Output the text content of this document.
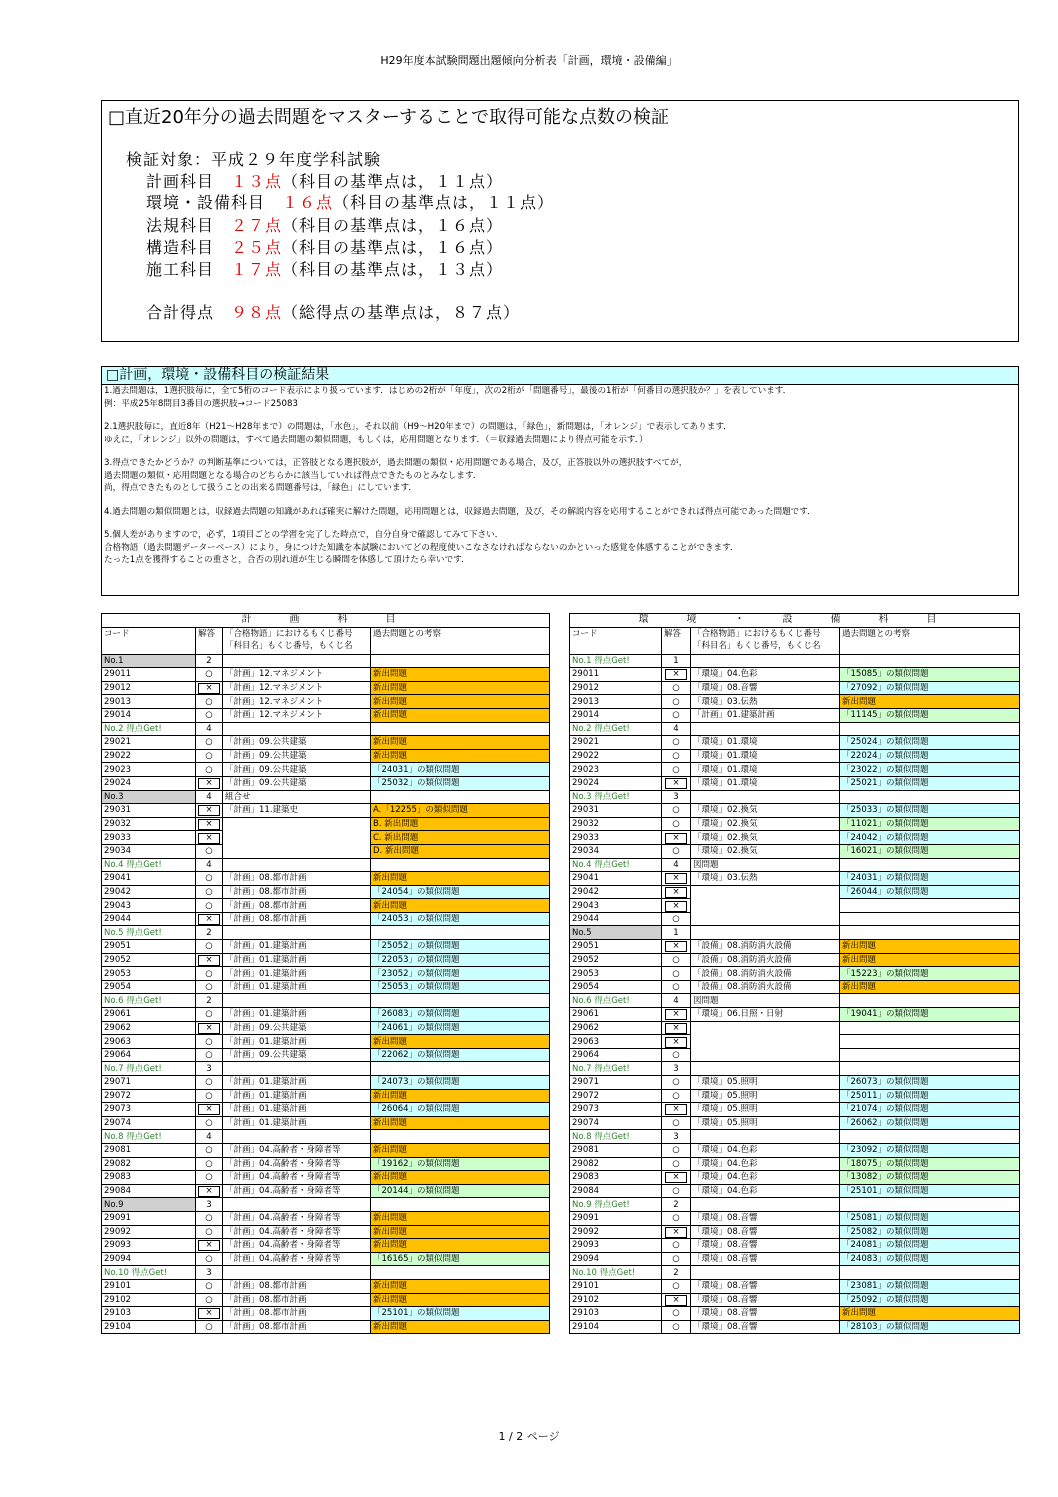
H29年度本試験問題出題傾向分析表「計画，環境・設備編」
□直近20年分の過去問題をマスターすることで取得可能な点数の検証
検証対象：平成２９年度学科試験
計画科目　 １３点（科目の基準点は，１１点）
環境・設備科目　 １６点（科目の基準点は，１１点）
法規科目　 ２７点（科目の基準点は，１６点）
構造科目　 ２５点（科目の基準点は，１６点）
施工科目　 １７点（科目の基準点は，１３点）
合計得点　 ９８点（総得点の基準点は，８７点）
□計画，環境・設備科目の検証結果
1.過去問題は，1選択肢毎に，全て5桁のコード表示により扱っています．はじめの2桁が「年度」，次の2桁が「問題番号」，最後の1桁が「何番目の選択肢か？」を表しています．
例：平成25年8問目3番目の選択肢→コード25083
2.1選択肢毎に，直近8年（H21～H28年まで）の問題は，「水色」，それ以前（H9～H20年まで）の問題は，「緑色」，新問題は，「オレンジ」で表示してあります．
ゆえに，「オレンジ」以外の問題は，すべて過去問題の類似問題，もしくは，応用問題となります．（＝収録過去問題により得点可能を示す．）
3.得点できたかどうか？の判断基準については，正答肢となる選択肢が，過去問題の類似・応用問題である場合，及び，正答肢以外の選択肢すべてが，
過去問題の類似・応用問題となる場合のどちらかに該当していれば得点できたものとみなします．
尚，得点できたものとして扱うことの出来る問題番号は，「緑色」にしています．
4.過去問題の類似問題とは，収録過去問題の知識があれば確実に解けた問題，応用問題とは，収録過去問題，及び，その解説内容を応用することができれば得点可能であった問題です．
5.個人差がありますので，必ず，1項目ごとの学習を完了した時点で，自分自身で確認してみて下さい．
合格物語（過去問題データーベース）により，身につけた知識を本試験においてどの程度使いこなさなければならないのかといった感覚を体感することができます．
たった1点を獲得することの重さと，合否の別れ道が生じる瞬間を体感して頂けたら幸いです．
計　画　科　目			
コード	解答	「合格物語」におけるもくじ番号
「科目名」もくじ番号，もくじ名	過去問題との考察
No.1	2		
29011	○	「計画」12.マネジメント	新出問題
29012	×	「計画」12.マネジメント	新出問題
29013	○	「計画」12.マネジメント	新出問題
29014	○	「計画」12.マネジメント	新出問題
No.2 得点Get!	4		
29021	○	「計画」09.公共建築	新出問題
29022	○	「計画」09.公共建築	新出問題
29023	○	「計画」09.公共建築	「24031」の類似問題
29024	×	「計画」09.公共建築	「25032」の類似問題
No.3	4	組合せ	
29031	×	「計画」11.建築史	A.「12255」の類似問題
29032	×		B. 新出問題
29033	×		C. 新出問題
29034	○		D. 新出問題
No.4 得点Get!	4		
29041	○	「計画」08.都市計画	新出問題
29042	○	「計画」08.都市計画	「24054」の類似問題
29043	○	「計画」08.都市計画	新出問題
29044	×	「計画」08.都市計画	「24053」の類似問題
No.5 得点Get!	2		
29051	○	「計画」01.建築計画	「25052」の類似問題
29052	×	「計画」01.建築計画	「22053」の類似問題
29053	○	「計画」01.建築計画	「23052」の類似問題
29054	○	「計画」01.建築計画	「25053」の類似問題
No.6 得点Get!	2		
29061	○	「計画」01.建築計画	「26083」の類似問題
29062	×	「計画」09.公共建築	「24061」の類似問題
29063	○	「計画」01.建築計画	新出問題
29064	○	「計画」09.公共建築	「22062」の類似問題
No.7 得点Get!	3		
29071	○	「計画」01.建築計画	「24073」の類似問題
29072	○	「計画」01.建築計画	新出問題
29073	×	「計画」01.建築計画	「26064」の類似問題
29074	○	「計画」01.建築計画	新出問題
No.8 得点Get!	4		
29081	○	「計画」04.高齢者・身障者等	新出問題
29082	○	「計画」04.高齢者・身障者等	「19162」の類似問題
29083	○	「計画」04.高齢者・身障者等	新出問題
29084	×	「計画」04.高齢者・身障者等	「20144」の類似問題
No.9	3		
29091	○	「計画」04.高齢者・身障者等	新出問題
29092	○	「計画」04.高齢者・身障者等	新出問題
29093	×	「計画」04.高齢者・身障者等	新出問題
29094	○	「計画」04.高齢者・身障者等	「16165」の類似問題
No.10 得点Get!	3		
29101	○	「計画」08.都市計画	新出問題
29102	○	「計画」08.都市計画	新出問題
29103	×	「計画」08.都市計画	「25101」の類似問題
29104	○	「計画」08.都市計画	新出問題
環　境　・　設　備　科　目			
コード	解答	「合格物語」におけるもくじ番号
「科目名」もくじ番号，もくじ名	過去問題との考察
No.1 得点Get!	1		
29011	×	「環境」04.色彩	「15085」の類似問題
29012	○	「環境」08.音響	「27092」の類似問題
29013	○	「環境」03.伝熱	新出問題
29014	○	「計画」01.建築計画	「11145」の類似問題
No.2 得点Get!	4		
29021	○	「環境」01.環境	「25024」の類似問題
29022	○	「環境」01.環境	「22024」の類似問題
29023	○	「環境」01.環境	「23022」の類似問題
29024	×	「環境」01.環境	「25021」の類似問題
No.3 得点Get!	3		
29031	○	「環境」02.換気	「25033」の類似問題
29032	○	「環境」02.換気	「11021」の類似問題
29033	×	「環境」02.換気	「24042」の類似問題
29034	○	「環境」02.換気	「16021」の類似問題
No.4 得点Get!	4	図問題	
29041	×	「環境」03.伝熱	「24031」の類似問題
29042	×		「26044」の類似問題
29043	×		
29044	○		
No.5	1		
29051	×	「設備」08.消防消火設備	新出問題
29052	○	「設備」08.消防消火設備	新出問題
29053	○	「設備」08.消防消火設備	「15223」の類似問題
29054	○	「設備」08.消防消火設備	新出問題
No.6 得点Get!	4	図問題	
29061	×	「環境」06.日照・日射	「19041」の類似問題
29062	×		
29063	×		
29064	○		
No.7 得点Get!	3		
29071	○	「環境」05.照明	「26073」の類似問題
29072	○	「環境」05.照明	「25011」の類似問題
29073	×	「環境」05.照明	「21074」の類似問題
29074	○	「環境」05.照明	「26062」の類似問題
No.8 得点Get!	3		
29081	○	「環境」04.色彩	「23092」の類似問題
29082	○	「環境」04.色彩	「18075」の類似問題
29083	×	「環境」04.色彩	「13082」の類似問題
29084	○	「環境」04.色彩	「25101」の類似問題
No.9 得点Get!	2		
29091	○	「環境」08.音響	「25081」の類似問題
29092	×	「環境」08.音響	「25082」の類似問題
29093	○	「環境」08.音響	「24081」の類似問題
29094	○	「環境」08.音響	「24083」の類似問題
No.10 得点Get!	2		
29101	○	「環境」08.音響	「23081」の類似問題
29102	×	「環境」08.音響	「25092」の類似問題
29103	○	「環境」08.音響	新出問題
29104	○	「環境」08.音響	「28103」の類似問題
1 / 2 ページ
